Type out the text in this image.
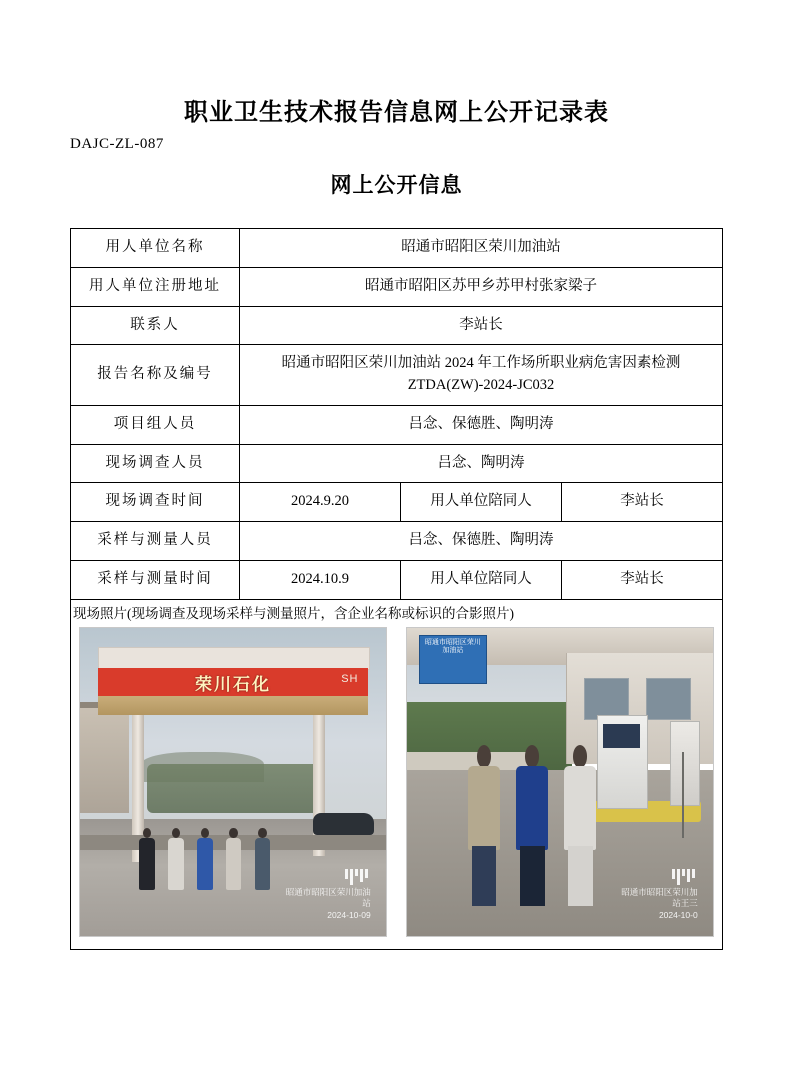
DAJC-ZL-087
职业卫生技术报告信息网上公开记录表
网上公开信息
用人单位名称	昭通市昭阳区荣川加油站		
用人单位注册地址	昭通市昭阳区苏甲乡苏甲村张家梁子		
联系人	李站长		
报告名称及编号	昭通市昭阳区荣川加油站 2024 年工作场所职业病危害因素检测
ZTDA(ZW)-2024-JC032		

项目组人员	吕念、保德胜、陶明涛		
现场调查人员	吕念、陶明涛		
现场调查时间	2024.9.20	用人单位陪同人	李站长
采样与测量人员	吕念、保德胜、陶明涛		
采样与测量时间	2024.10.9	用人单位陪同人	李站长
现场照片(现场调查及现场采样与测量照片，含企业名称或标识的合影照片)
荣川石化	SH
昭通市昭阳区荣川加油
站
2024-10-09
昭通市昭阳区荣川加油站
昭通市昭阳区荣川加
站王三
2024-10-0
